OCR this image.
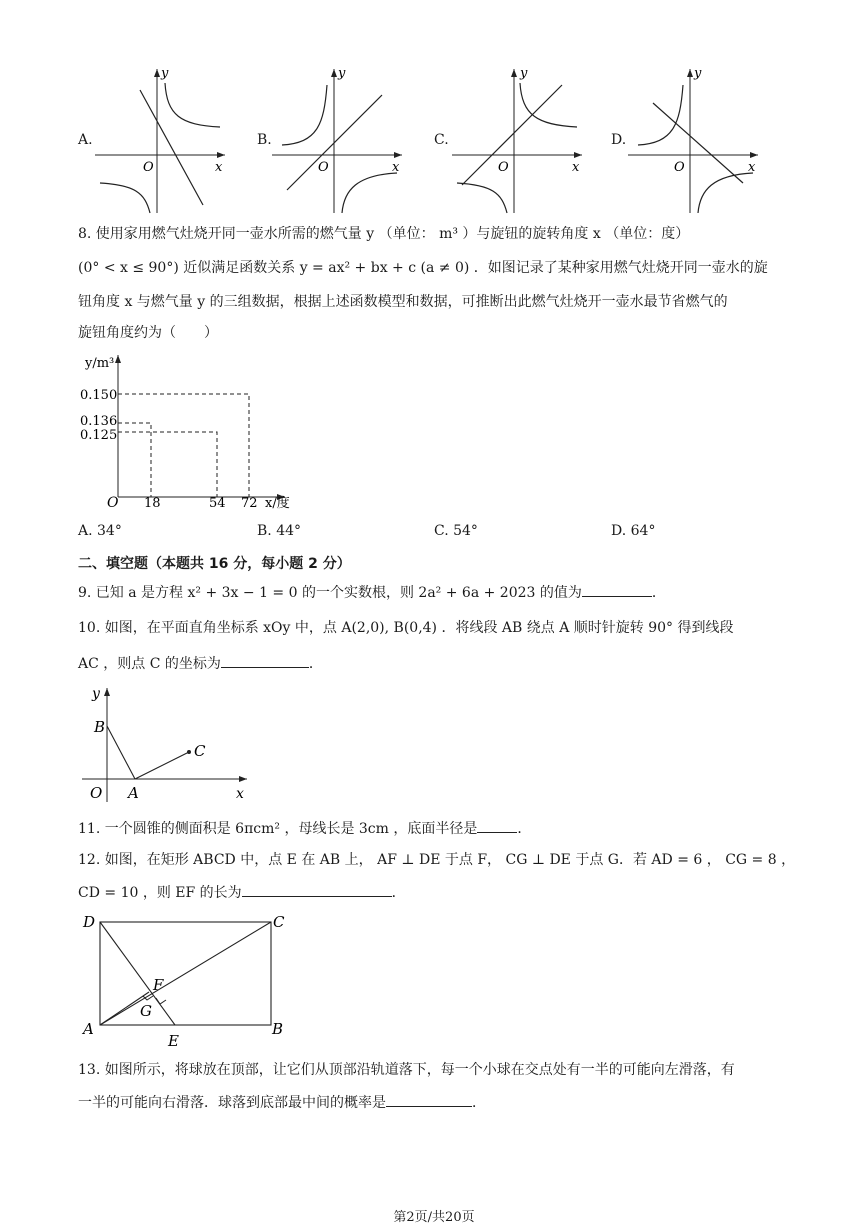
A.
y
x
O
B.
y
x
O
C.
y
x
O
D.
y
x
O
8. 使用家用燃气灶烧开同一壶水所需的燃气量 y （单位： m³ ）与旋钮的旋转角度 x （单位：度）
(0° < x ≤ 90°) 近似满足函数关系 y = ax² + bx + c (a ≠ 0) ．如图记录了某种家用燃气灶烧开同一壶水的旋
钮角度 x 与燃气量 y 的三组数据，根据上述函数模型和数据，可推断出此燃气灶烧开一壶水最节省燃气的
旋钮角度约为（　　）
y/m³
0.150
0.136
0.125
O 18	54 72 x/度
A. 34°	B. 44°	C. 54°	D. 64°
二、填空题（本题共 16 分，每小题 2 分）
9. 已知 a 是方程 x² + 3x − 1 = 0 的一个实数根，则 2a² + 6a + 2023 的值为	．
10. 如图，在平面直角坐标系 xOy 中，点 A(2,0), B(0,4) ．将线段 AB 绕点 A 顺时针旋转 90° 得到线段
AC ，则点 C 的坐标为	．
y
B
C
A
O	x
11. 一个圆锥的侧面积是 6πcm² ，母线长是 3cm ，底面半径是	．
12. 如图，在矩形 ABCD 中，点 E 在 AB 上， AF ⊥ DE 于点 F， CG ⊥ DE 于点 G．若 AD = 6 ， CG = 8 ，
CD = 10 ，则 EF 的长为	．
D	C
A	B
E
F
G
13. 如图所示，将球放在顶部，让它们从顶部沿轨道落下，每一个小球在交点处有一半的可能向左滑落，有
一半的可能向右滑落．球落到底部最中间的概率是	．
第2页/共20页
